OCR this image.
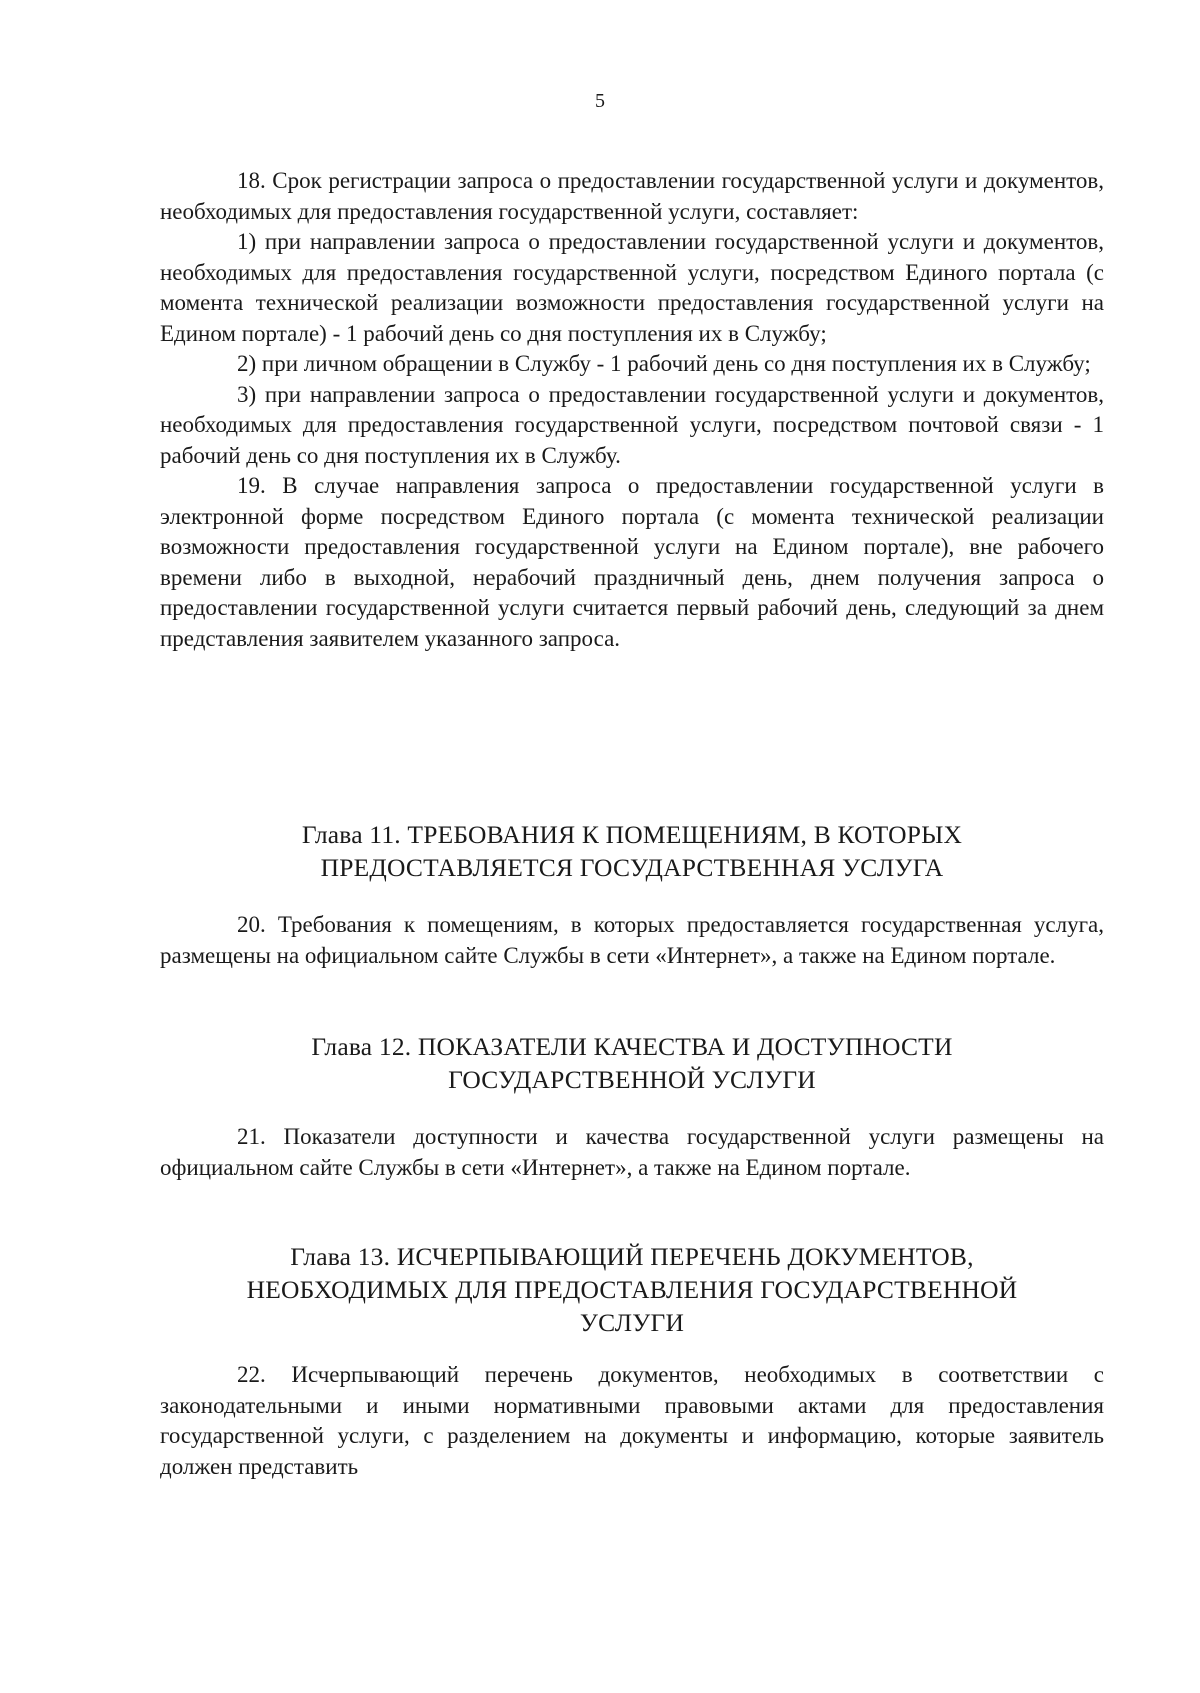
5

18. Срок регистрации запроса о предоставлении государственной услуги и документов, необходимых для предоставления государственной услуги, составляет:

1) при направлении запроса о предоставлении государственной услуги и документов, необходимых для предоставления государственной услуги, посредством Единого портала (с момента технической реализации возможности предоставления государственной услуги на Едином портале) - 1 рабочий день со дня поступления их в Службу;

2) при личном обращении в Службу - 1 рабочий день со дня поступления их в Службу;

3) при направлении запроса о предоставлении государственной услуги и документов, необходимых для предоставления государственной услуги, посредством почтовой связи - 1 рабочий день со дня поступления их в Службу.

19. В случае направления запроса о предоставлении государственной услуги в электронной форме посредством Единого портала (с момента технической реализации возможности предоставления государственной услуги на Едином портале), вне рабочего времени либо в выходной, нерабочий праздничный день, днем получения запроса о предоставлении государственной услуги считается первый рабочий день, следующий за днем представления заявителем указанного запроса.

Глава 11. ТРЕБОВАНИЯ К ПОМЕЩЕНИЯМ, В КОТОРЫХ
ПРЕДОСТАВЛЯЕТСЯ ГОСУДАРСТВЕННАЯ УСЛУГА

20. Требования к помещениям, в которых предоставляется государственная услуга, размещены на официальном сайте Службы в сети «Интернет», а также на Едином портале.

Глава 12. ПОКАЗАТЕЛИ КАЧЕСТВА И ДОСТУПНОСТИ
ГОСУДАРСТВЕННОЙ УСЛУГИ

21. Показатели доступности и качества государственной услуги размещены на официальном сайте Службы в сети «Интернет», а также на Едином портале.

Глава 13. ИСЧЕРПЫВАЮЩИЙ ПЕРЕЧЕНЬ ДОКУМЕНТОВ,
НЕОБХОДИМЫХ ДЛЯ ПРЕДОСТАВЛЕНИЯ ГОСУДАРСТВЕННОЙ
УСЛУГИ

22. Исчерпывающий перечень документов, необходимых в соответствии с законодательными и иными нормативными правовыми актами для предоставления государственной услуги, с разделением на документы и информацию, которые заявитель должен представить
